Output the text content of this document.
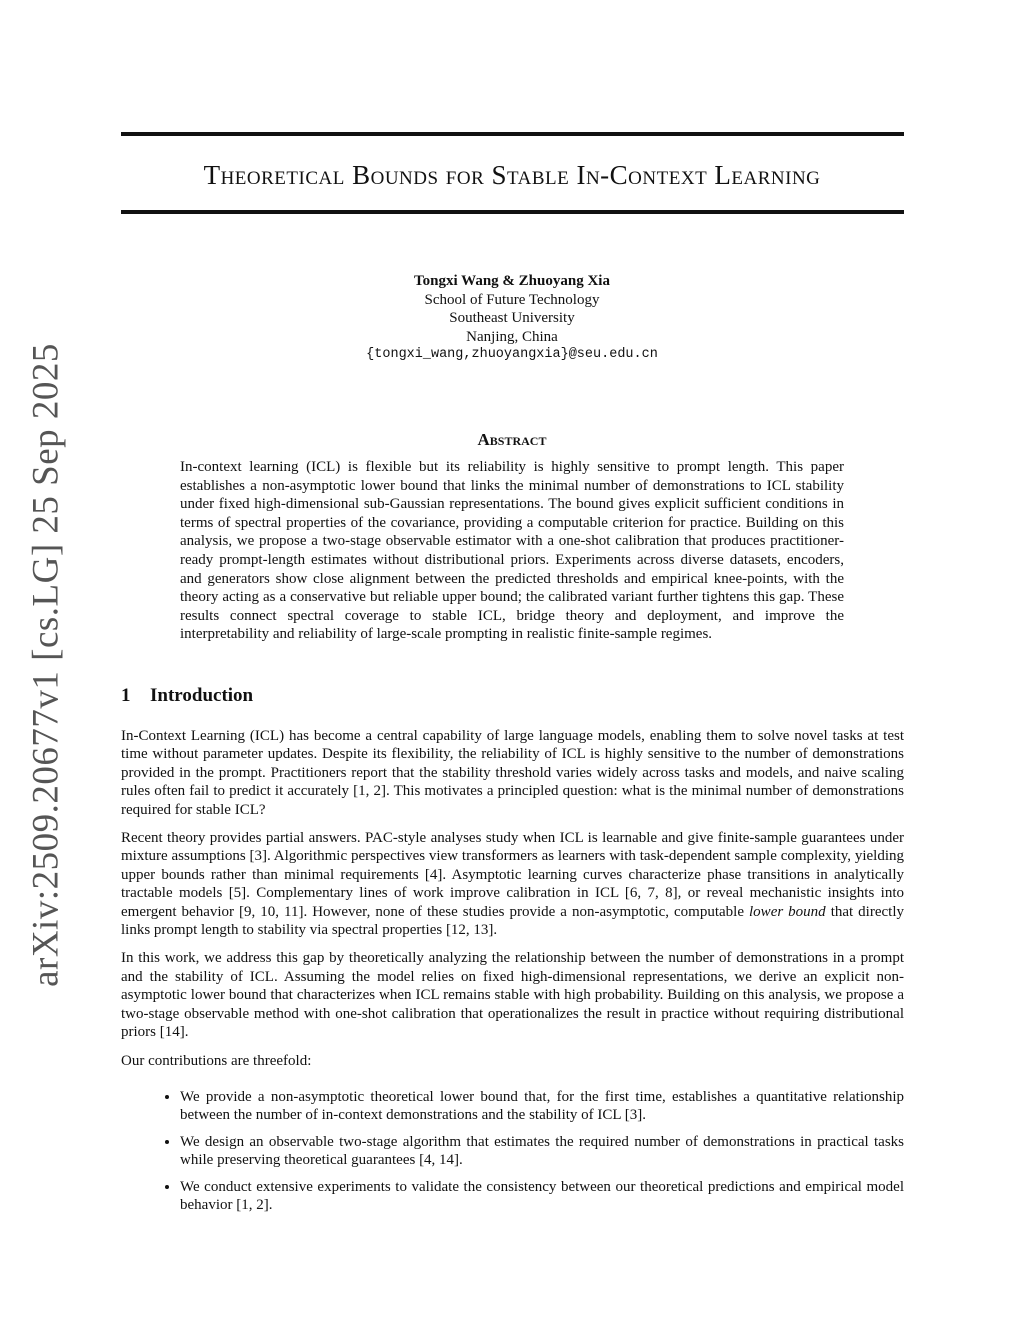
arXiv:2509.20677v1 [cs.LG] 25 Sep 2025
Theoretical Bounds for Stable In-Context Learning
Tongxi Wang & Zhuoyang Xia
School of Future Technology
Southeast University
Nanjing, China
{tongxi_wang,zhuoyangxia}@seu.edu.cn
Abstract
In-context learning (ICL) is flexible but its reliability is highly sensitive to prompt length. This paper establishes a non-asymptotic lower bound that links the minimal number of demonstrations to ICL stability under fixed high-dimensional sub-Gaussian representations. The bound gives explicit sufficient conditions in terms of spectral properties of the covariance, providing a computable criterion for practice. Building on this analysis, we propose a two-stage observable estimator with a one-shot calibration that produces practitioner-ready prompt-length estimates without distributional priors. Experiments across diverse datasets, encoders, and generators show close alignment between the predicted thresholds and empirical knee-points, with the theory acting as a conservative but reliable upper bound; the calibrated variant further tightens this gap. These results connect spectral coverage to stable ICL, bridge theory and deployment, and improve the interpretability and reliability of large-scale prompting in realistic finite-sample regimes.
1 Introduction

In-Context Learning (ICL) has become a central capability of large language models, enabling them to solve novel tasks at test time without parameter updates. Despite its flexibility, the reliability of ICL is highly sensitive to the number of demonstrations provided in the prompt. Practitioners report that the stability threshold varies widely across tasks and models, and naive scaling rules often fail to predict it accurately [1, 2]. This motivates a principled question: what is the minimal number of demonstrations required for stable ICL?

Recent theory provides partial answers. PAC-style analyses study when ICL is learnable and give finite-sample guarantees under mixture assumptions [3]. Algorithmic perspectives view transformers as learners with task-dependent sample complexity, yielding upper bounds rather than minimal requirements [4]. Asymptotic learning curves characterize phase transitions in analytically tractable models [5]. Complementary lines of work improve calibration in ICL [6, 7, 8], or reveal mechanistic insights into emergent behavior [9, 10, 11]. However, none of these studies provide a non-asymptotic, computable lower bound that directly links prompt length to stability via spectral properties [12, 13].

In this work, we address this gap by theoretically analyzing the relationship between the number of demonstrations in a prompt and the stability of ICL. Assuming the model relies on fixed high-dimensional representations, we derive an explicit non-asymptotic lower bound that characterizes when ICL remains stable with high probability. Building on this analysis, we propose a two-stage observable method with one-shot calibration that operationalizes the result in practice without requiring distributional priors [14].

Our contributions are threefold:

• We provide a non-asymptotic theoretical lower bound that, for the first time, establishes a quantitative relationship between the number of in-context demonstrations and the stability of ICL [3].
• We design an observable two-stage algorithm that estimates the required number of demonstrations in practical tasks while preserving theoretical guarantees [4, 14].
• We conduct extensive experiments to validate the consistency between our theoretical predictions and empirical model behavior [1, 2].
